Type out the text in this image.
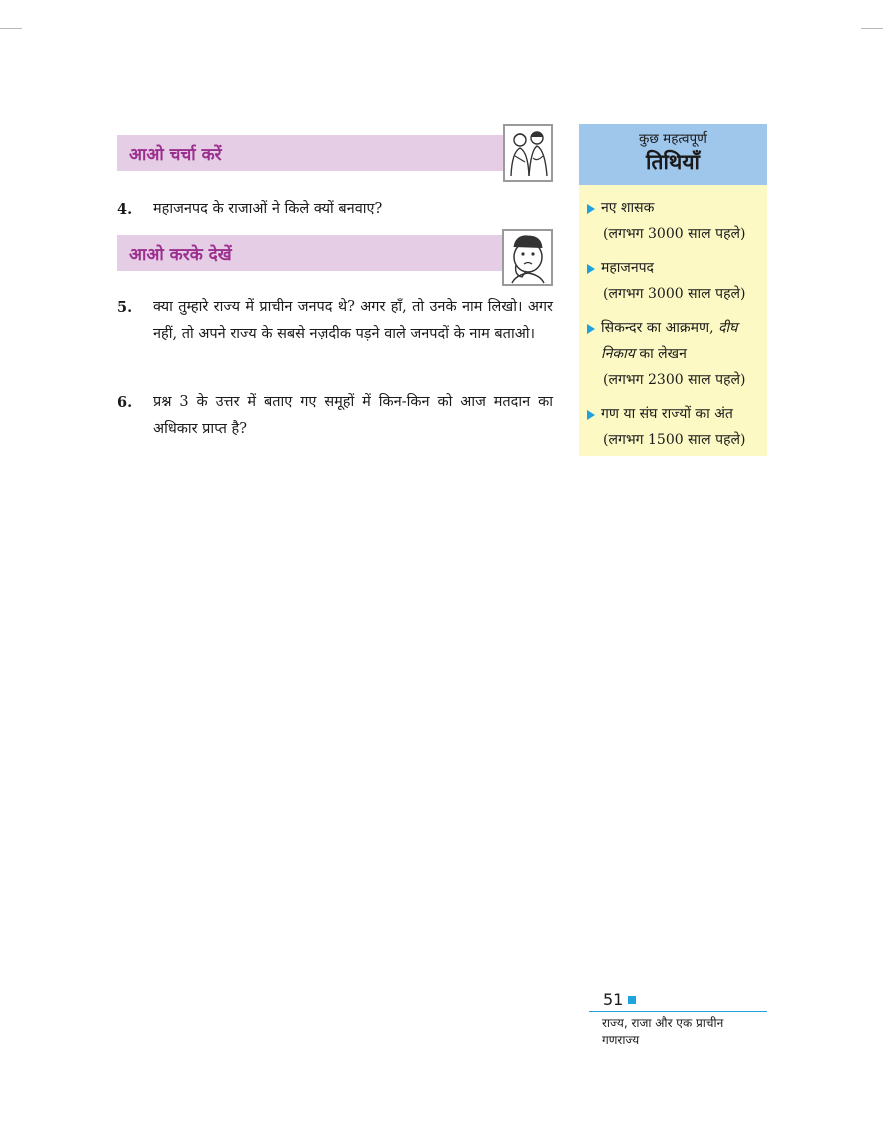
आओ चर्चा करें
4. महाजनपद के राजाओं ने किले क्यों बनवाए?
आओ करके देखें
5. क्या तुम्हारे राज्य में प्राचीन जनपद थे? अगर हाँ, तो उनके नाम लिखो। अगर नहीं, तो अपने राज्य के सबसे नज़दीक पड़ने वाले जनपदों के नाम बताओ।
6. प्रश्न 3 के उत्तर में बताए गए समूहों में किन-किन को आज मतदान का अधिकार प्राप्त है?
कुछ महत्वपूर्ण
तिथियाँ
नए शासक
(लगभग 3000 साल पहले)
महाजनपद
(लगभग 3000 साल पहले)
सिकन्दर का आक्रमण, दीघ निकाय का लेखन
(लगभग 2300 साल पहले)
गण या संघ राज्यों का अंत
(लगभग 1500 साल पहले)
51
राज्य, राजा और एक प्राचीन गणराज्य
